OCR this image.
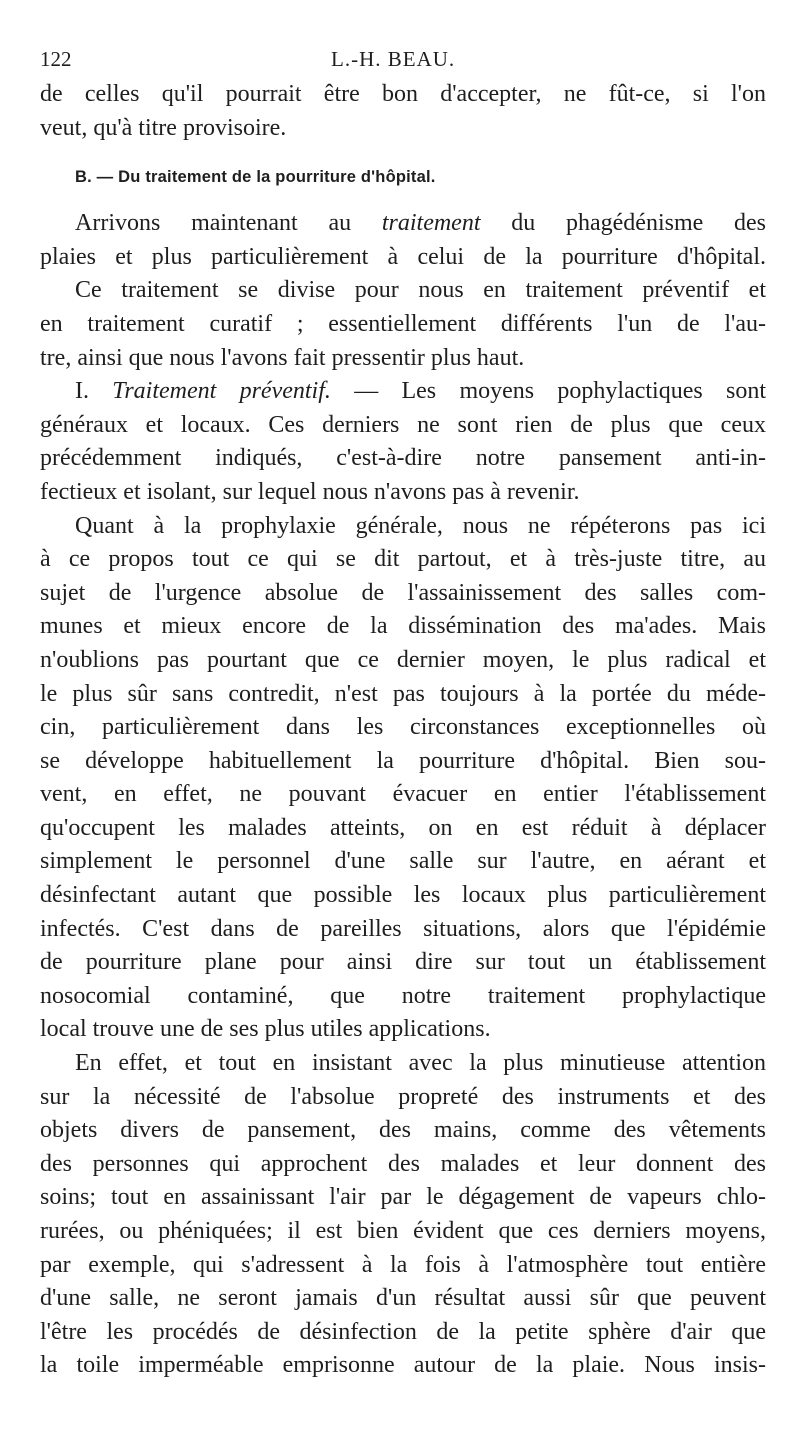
122	L.-H. BEAU.
de celles qu'il pourrait être bon d'accepter, ne fût-ce, si l'on
veut, qu'à titre provisoire.
B. — Du traitement de la pourriture d'hôpital.
Arrivons maintenant au traitement du phagédénisme des
plaies et plus particulièrement à celui de la pourriture d'hôpital.
Ce traitement se divise pour nous en traitement préventif et
en traitement curatif ; essentiellement différents l'un de l'au-
tre, ainsi que nous l'avons fait pressentir plus haut.
I. Traitement préventif. — Les moyens pophylactiques sont
généraux et locaux. Ces derniers ne sont rien de plus que ceux
précédemment indiqués, c'est-à-dire notre pansement anti-in-
fectieux et isolant, sur lequel nous n'avons pas à revenir.
Quant à la prophylaxie générale, nous ne répéterons pas ici
à ce propos tout ce qui se dit partout, et à très-juste titre, au
sujet de l'urgence absolue de l'assainissement des salles com-
munes et mieux encore de la dissémination des ma'ades. Mais
n'oublions pas pourtant que ce dernier moyen, le plus radical et
le plus sûr sans contredit, n'est pas toujours à la portée du méde-
cin, particulièrement dans les circonstances exceptionnelles où
se développe habituellement la pourriture d'hôpital. Bien sou-
vent, en effet, ne pouvant évacuer en entier l'établissement
qu'occupent les malades atteints, on en est réduit à déplacer
simplement le personnel d'une salle sur l'autre, en aérant et
désinfectant autant que possible les locaux plus particulièrement
infectés. C'est dans de pareilles situations, alors que l'épidémie
de pourriture plane pour ainsi dire sur tout un établissement
nosocomial contaminé, que notre traitement prophylactique
local trouve une de ses plus utiles applications.
En effet, et tout en insistant avec la plus minutieuse attention
sur la nécessité de l'absolue propreté des instruments et des
objets divers de pansement, des mains, comme des vêtements
des personnes qui approchent des malades et leur donnent des
soins; tout en assainissant l'air par le dégagement de vapeurs chlo-
rurées, ou phéniquées; il est bien évident que ces derniers moyens,
par exemple, qui s'adressent à la fois à l'atmosphère tout entière
d'une salle, ne seront jamais d'un résultat aussi sûr que peuvent
l'être les procédés de désinfection de la petite sphère d'air que
la toile imperméable emprisonne autour de la plaie. Nous insis-
